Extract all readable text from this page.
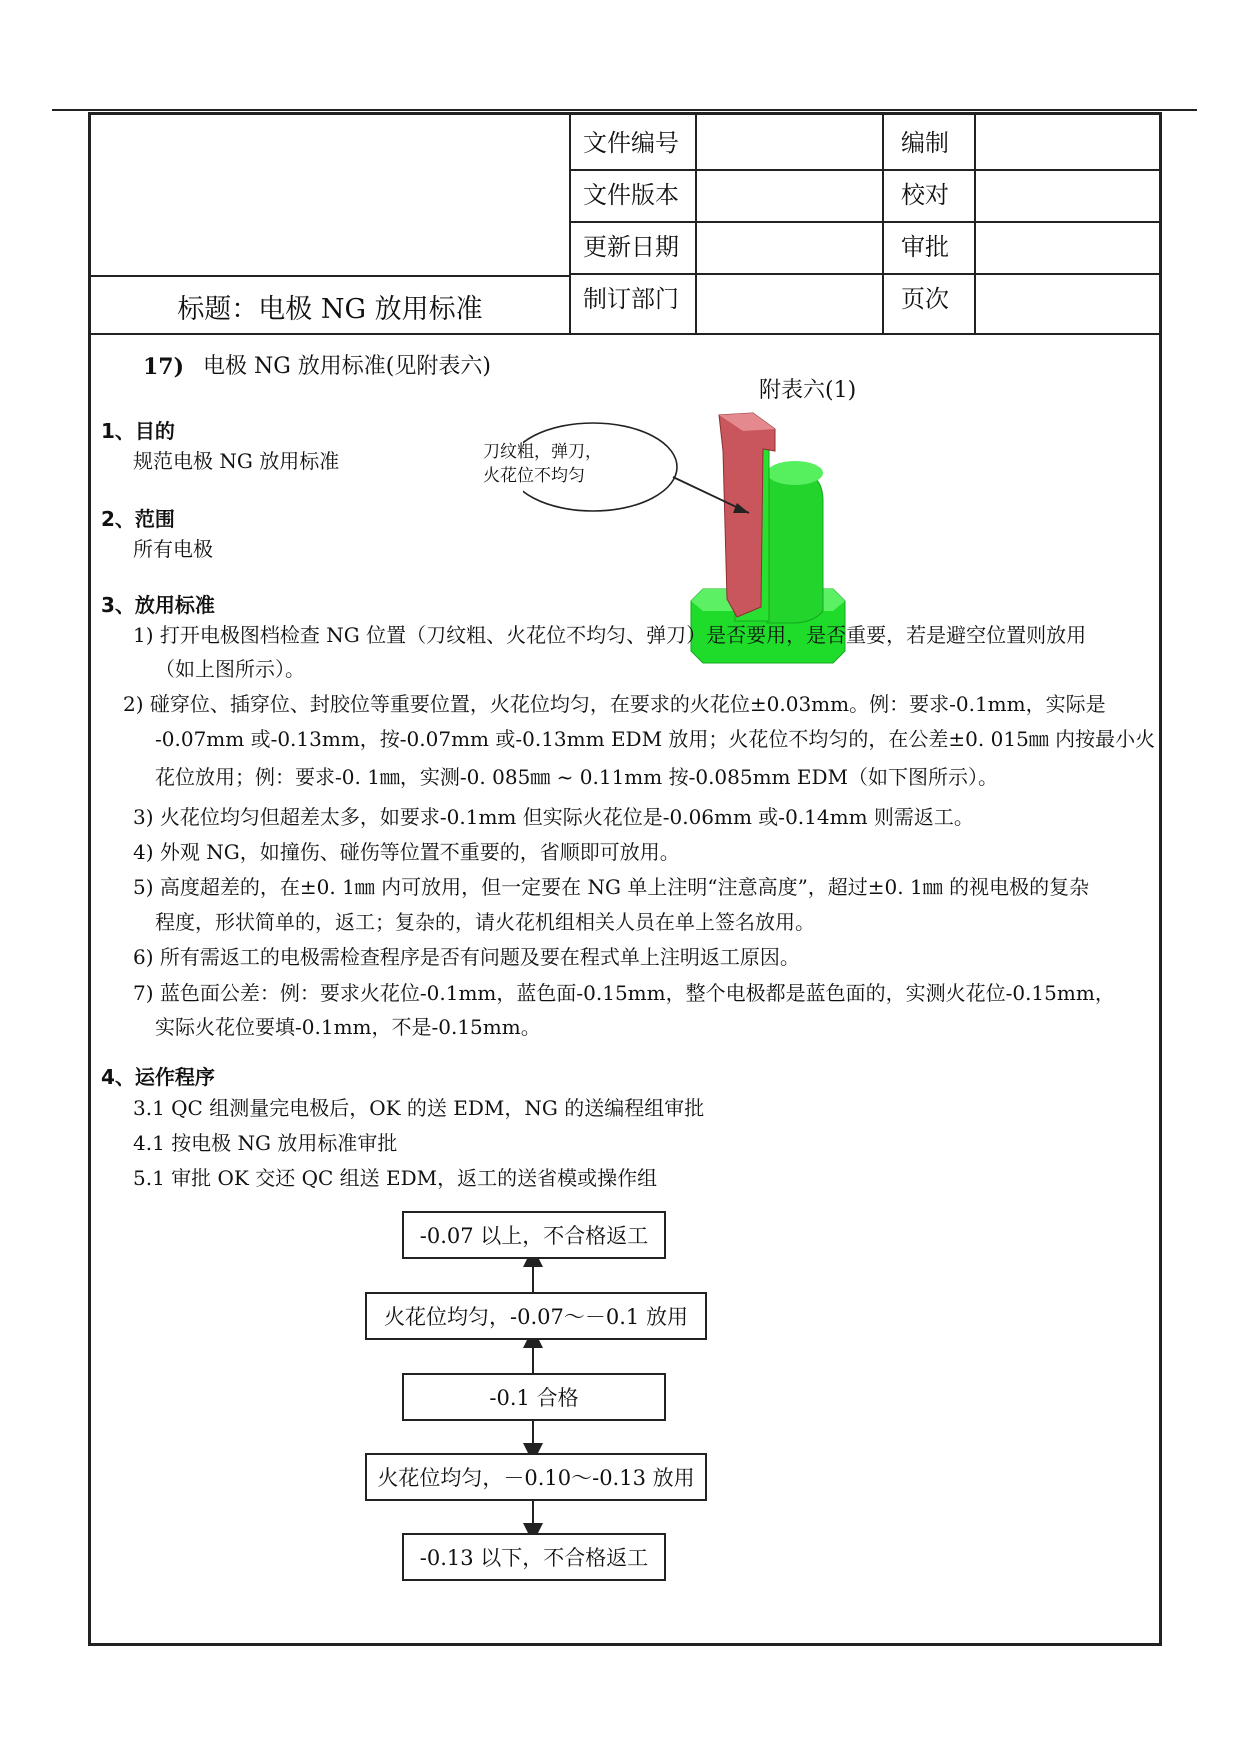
文件编号	编制
文件版本	校对
更新日期	审批
制订部门	页次
标题：电极 NG 放用标准
17) 电极 NG 放用标准(见附表六)
附表六(1)
刀纹粗，弹刀，
火花位不均匀
1、目的
规范电极 NG 放用标准
2、范围
所有电极
3、放用标准
1) 打开电极图档检查 NG 位置（刀纹粗、火花位不均匀、弹刀）是否要用，是否重要，若是避空位置则放用
（如上图所示）。
2) 碰穿位、插穿位、封胶位等重要位置，火花位均匀，在要求的火花位±0.03mm。例：要求-0.1mm，实际是
-0.07mm 或-0.13mm，按-0.07mm 或-0.13mm EDM 放用；火花位不均匀的，在公差±0. 015㎜ 内按最小火
花位放用；例：要求-0. 1㎜，实测-0. 085㎜ ~ 0.11mm 按-0.085mm EDM（如下图所示）。
3) 火花位均匀但超差太多，如要求-0.1mm 但实际火花位是-0.06mm 或-0.14mm 则需返工。
4) 外观 NG，如撞伤、碰伤等位置不重要的，省顺即可放用。
5) 高度超差的，在±0. 1㎜ 内可放用，但一定要在 NG 单上注明“注意高度”，超过±0. 1㎜ 的视电极的复杂
程度，形状简单的，返工；复杂的，请火花机组相关人员在单上签名放用。
6) 所有需返工的电极需检查程序是否有问题及要在程式单上注明返工原因。
7) 蓝色面公差：例：要求火花位-0.1mm，蓝色面-0.15mm，整个电极都是蓝色面的，实测火花位-0.15mm，
实际火花位要填-0.1mm，不是-0.15mm。
4、运作程序
3.1 QC 组测量完电极后，OK 的送 EDM，NG 的送编程组审批
4.1 按电极 NG 放用标准审批
5.1 审批 OK 交还 QC 组送 EDM，返工的送省模或操作组
-0.07 以上，不合格返工
火花位均匀，-0.07～－0.1 放用
-0.1 合格
火花位均匀，－0.10～-0.13 放用
-0.13 以下，不合格返工
